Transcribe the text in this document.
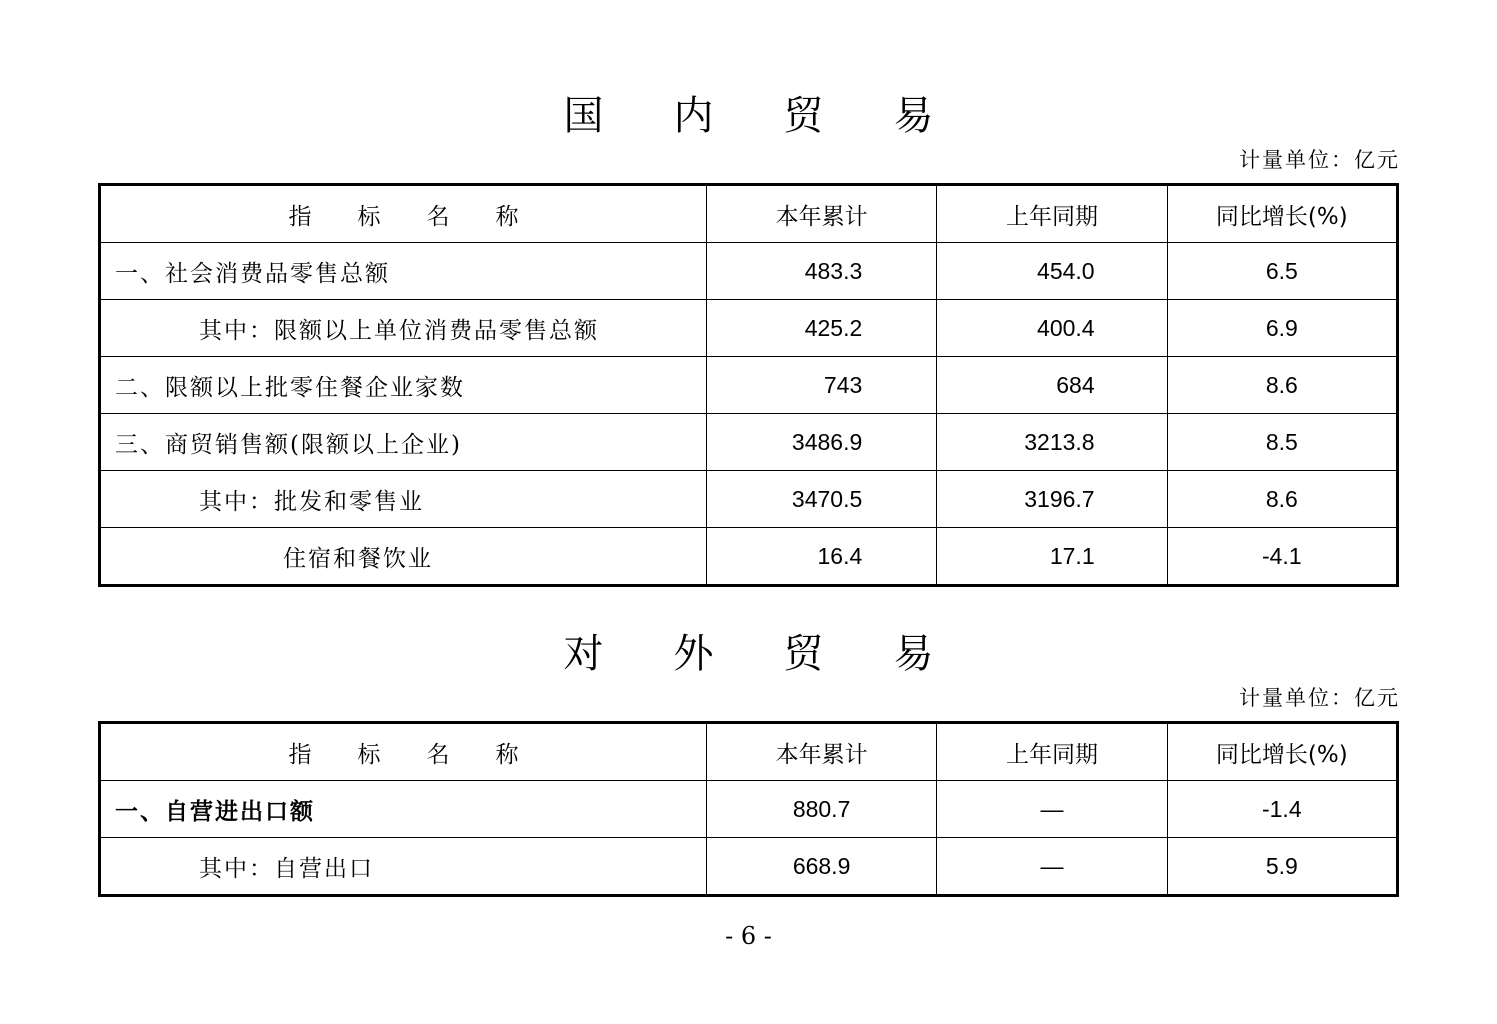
国内贸易
计量单位：亿元
指标名称	本年累计	上年同期	同比增长(%)
一、社会消费品零售总额	483.3	454.0	6.5
其中：限额以上单位消费品零售总额	425.2	400.4	6.9
二、限额以上批零住餐企业家数	743	684	8.6
三、商贸销售额(限额以上企业)	3486.9	3213.8	8.5
其中：批发和零售业	3470.5	3196.7	8.6
住宿和餐饮业	16.4	17.1	-4.1
对外贸易
计量单位：亿元
指标名称	本年累计	上年同期	同比增长(%)
一、自营进出口额	880.7	—	-1.4
其中：自营出口	668.9	—	5.9
- 6 -
